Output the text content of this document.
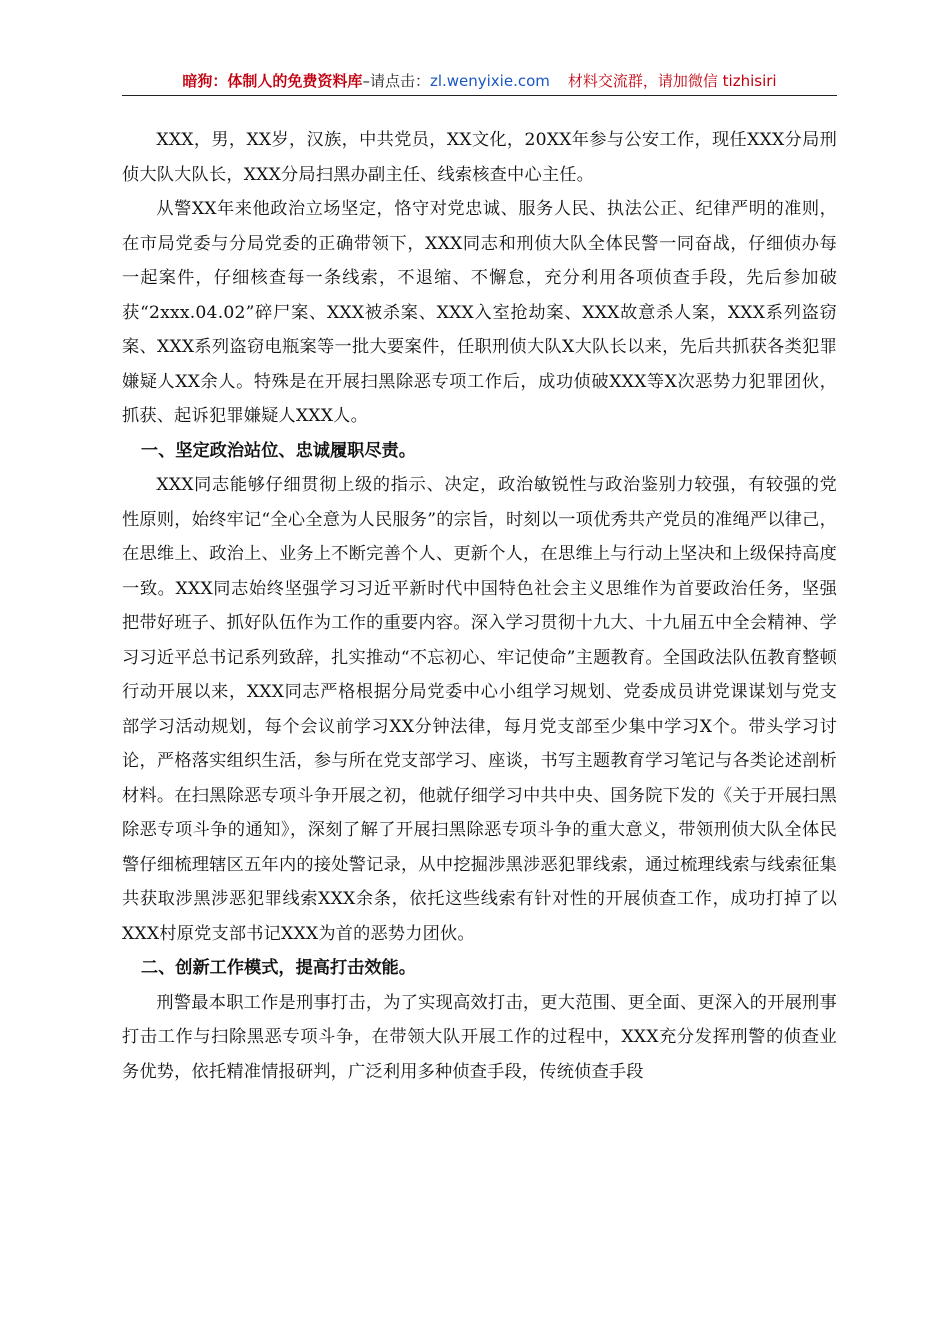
暗狗：体制人的免费资料库–请点击：zl.wenyixie.com 材料交流群，请加微信 tizhisiri

XXX，男，XX岁，汉族，中共党员，XX文化，20XX年参与公安工作，现任XXX分局刑侦大队大队长，XXX分局扫黑办副主任、线索核查中心主任。

从警XX年来他政治立场坚定，恪守对党忠诚、服务人民、执法公正、纪律严明的准则，在市局党委与分局党委的正确带领下，XXX同志和刑侦大队全体民警一同奋战，仔细侦办每一起案件，仔细核查每一条线索，不退缩、不懈怠，充分利用各项侦查手段，先后参加破获“2xxx.04.02”碎尸案、XXX被杀案、XXX入室抢劫案、XXX故意杀人案，XXX系列盗窃案、XXX系列盗窃电瓶案等一批大要案件，任职刑侦大队X大队长以来，先后共抓获各类犯罪嫌疑人XX余人。特殊是在开展扫黑除恶专项工作后，成功侦破XXX等X次恶势力犯罪团伙，抓获、起诉犯罪嫌疑人XXX人。

一、坚定政治站位、忠诚履职尽责。

XXX同志能够仔细贯彻上级的指示、决定，政治敏锐性与政治鉴别力较强，有较强的党性原则，始终牢记“全心全意为人民服务”的宗旨，时刻以一项优秀共产党员的准绳严以律己，在思维上、政治上、业务上不断完善个人、更新个人，在思维上与行动上坚决和上级保持高度一致。XXX同志始终坚强学习习近平新时代中国特色社会主义思维作为首要政治任务，坚强把带好班子、抓好队伍作为工作的重要内容。深入学习贯彻十九大、十九届五中全会精神、学习习近平总书记系列致辞，扎实推动“不忘初心、牢记使命”主题教育。全国政法队伍教育整顿行动开展以来，XXX同志严格根据分局党委中心小组学习规划、党委成员讲党课谋划与党支部学习活动规划，每个会议前学习XX分钟法律，每月党支部至少集中学习X个。带头学习讨论，严格落实组织生活，参与所在党支部学习、座谈，书写主题教育学习笔记与各类论述剖析材料。在扫黑除恶专项斗争开展之初，他就仔细学习中共中央、国务院下发的《关于开展扫黑除恶专项斗争的通知》，深刻了解了开展扫黑除恶专项斗争的重大意义，带领刑侦大队全体民警仔细梳理辖区五年内的接处警记录，从中挖掘涉黑涉恶犯罪线索，通过梳理线索与线索征集共获取涉黑涉恶犯罪线索XXX余条，依托这些线索有针对性的开展侦查工作，成功打掉了以XXX村原党支部书记XXX为首的恶势力团伙。

二、创新工作模式，提高打击效能。

刑警最本职工作是刑事打击，为了实现高效打击，更大范围、更全面、更深入的开展刑事打击工作与扫除黑恶专项斗争，在带领大队开展工作的过程中，XXX充分发挥刑警的侦查业务优势，依托精准情报研判，广泛利用多种侦查手段，传统侦查手段
